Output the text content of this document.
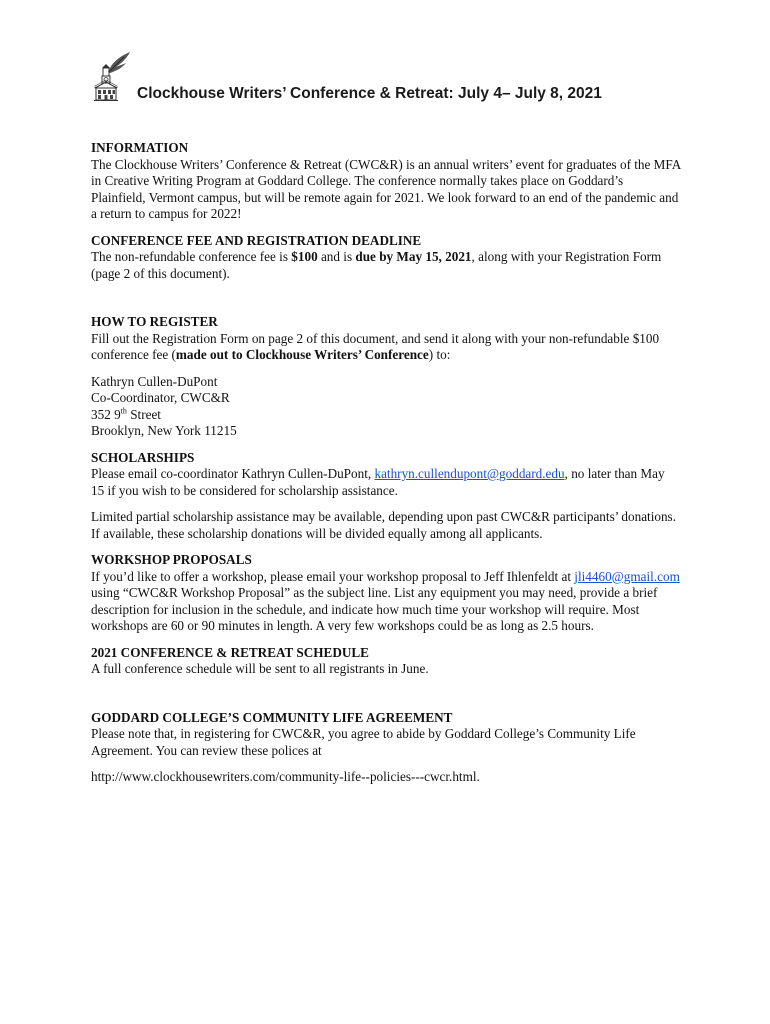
Clockhouse Writers’ Conference & Retreat: July 4– July 8, 2021

INFORMATION

The Clockhouse Writers’ Conference & Retreat (CWC&R) is an annual writers’ event for graduates of the MFA in Creative Writing Program at Goddard College. The conference normally takes place on Goddard’s Plainfield, Vermont campus, but will be remote again for 2021. We look forward to an end of the pandemic and a return to campus for 2022!

CONFERENCE FEE AND REGISTRATION DEADLINE

The non-refundable conference fee is $100 and is due by May 15, 2021, along with your Registration Form (page 2 of this document).

HOW TO REGISTER

Fill out the Registration Form on page 2 of this document, and send it along with your non-refundable $100 conference fee (made out to Clockhouse Writers’ Conference) to:

Kathryn Cullen-DuPont

Co-Coordinator, CWC&R

352 9th Street

Brooklyn, New York 11215

SCHOLARSHIPS

Please email co-coordinator Kathryn Cullen-DuPont, kathryn.cullendupont@goddard.edu, no later than May 15 if you wish to be considered for scholarship assistance.

Limited partial scholarship assistance may be available, depending upon past CWC&R participants’ donations. If available, these scholarship donations will be divided equally among all applicants.

WORKSHOP PROPOSALS

If you’d like to offer a workshop, please email your workshop proposal to Jeff Ihlenfeldt at jli4460@gmail.com using “CWC&R Workshop Proposal” as the subject line. List any equipment you may need, provide a brief description for inclusion in the schedule, and indicate how much time your workshop will require. Most workshops are 60 or 90 minutes in length. A very few workshops could be as long as 2.5 hours.

2021 CONFERENCE & RETREAT SCHEDULE

A full conference schedule will be sent to all registrants in June.

GODDARD COLLEGE’S COMMUNITY LIFE AGREEMENT

Please note that, in registering for CWC&R, you agree to abide by Goddard College’s Community Life Agreement. You can review these polices at

http://www.clockhousewriters.com/community-life--policies---cwcr.html.
